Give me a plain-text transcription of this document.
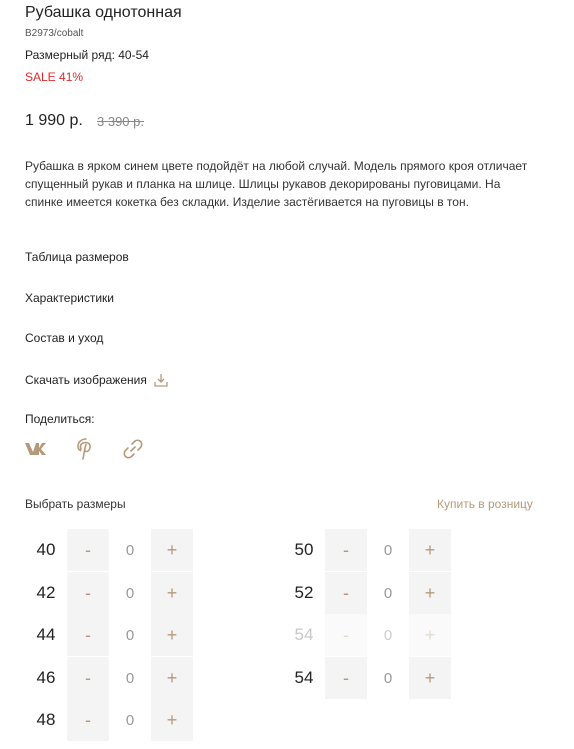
Рубашка однотонная
B2973/cobalt
Размерный ряд: 40-54
SALE 41%
1 990 р. 3 390 р.

Рубашка в ярком синем цвете подойдёт на любой случай. Модель прямого кроя отличает спущенный рукав и планка на шлице. Шлицы рукавов декорированы пуговицами. На спинке имеется кокетка без складки. Изделие застёгивается на пуговицы в тон.

Таблица размеров
Характеристики
Состав и уход
Скачать изображения
Поделиться:
Выбрать размеры	Купить в розницу
40	-	0	+
42	-	0	+
44	-	0	+
46	-	0	+
48	-	0	+
50	-	0	+
52	-	0	+
54	-	0	+
54	-	0	+
